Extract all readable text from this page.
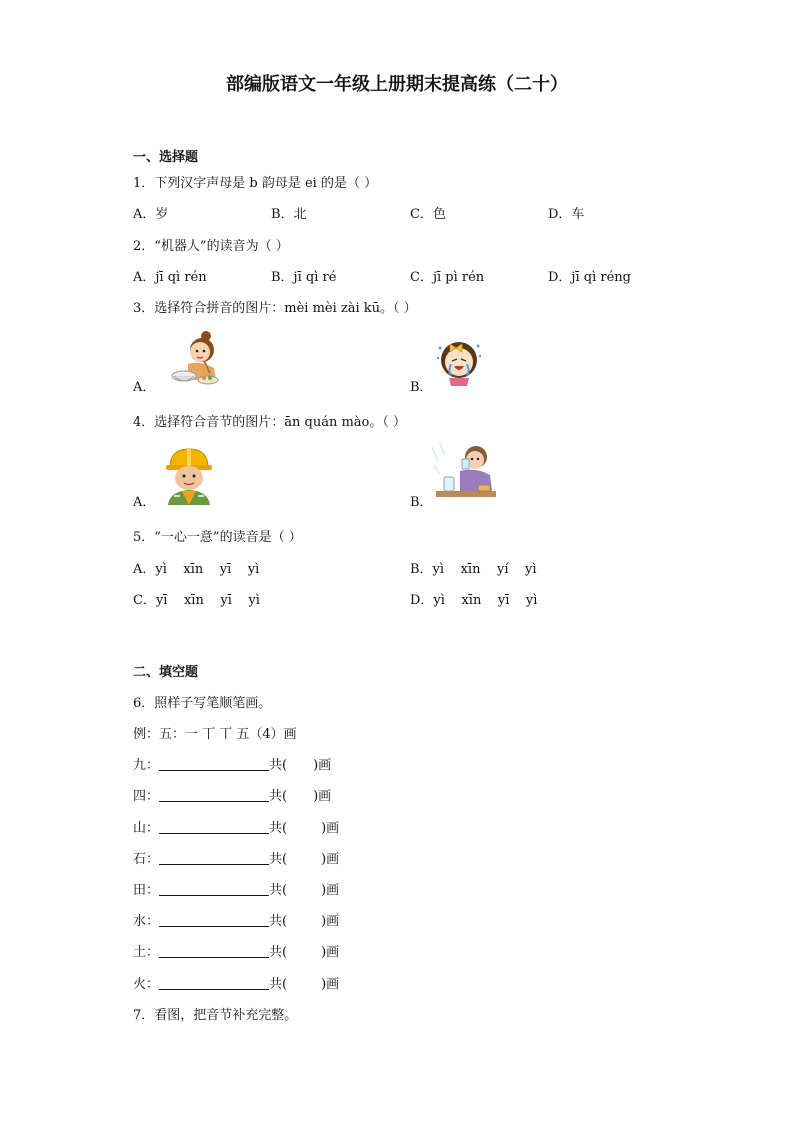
部编版语文一年级上册期末提高练（二十）
一、选择题
1．下列汉字声母是 b 韵母是 ei 的是（ ）
A．岁	B．北	C．色	D．车
2．“机器人”的读音为（ ）
A．jī qì rén	B．jī qì ré	C．jī pì rén	D．jī qì réng
3．选择符合拼音的图片：mèi mèi zài kū。（ ）
A．	B．
4．选择符合音节的图片：ān quán mào。（ ）
A．	B．
5．“一心一意”的读音是（ ）
A．yì    xīn    yī    yì	B．yì    xīn    yí    yì
C．yī    xīn    yī    yì	D．yì    xīn    yī    yì
二、填空题
6．照样子写笔顺笔画。
例：五：一 丅 丅 五（4）画
九：	共( )画
四：	共( )画
山：	共(	)画
石：	共(	)画
田：	共(	)画
水：	共(	)画
土：	共(	)画
火：	共(	)画
7．看图，把音节补充完整。
